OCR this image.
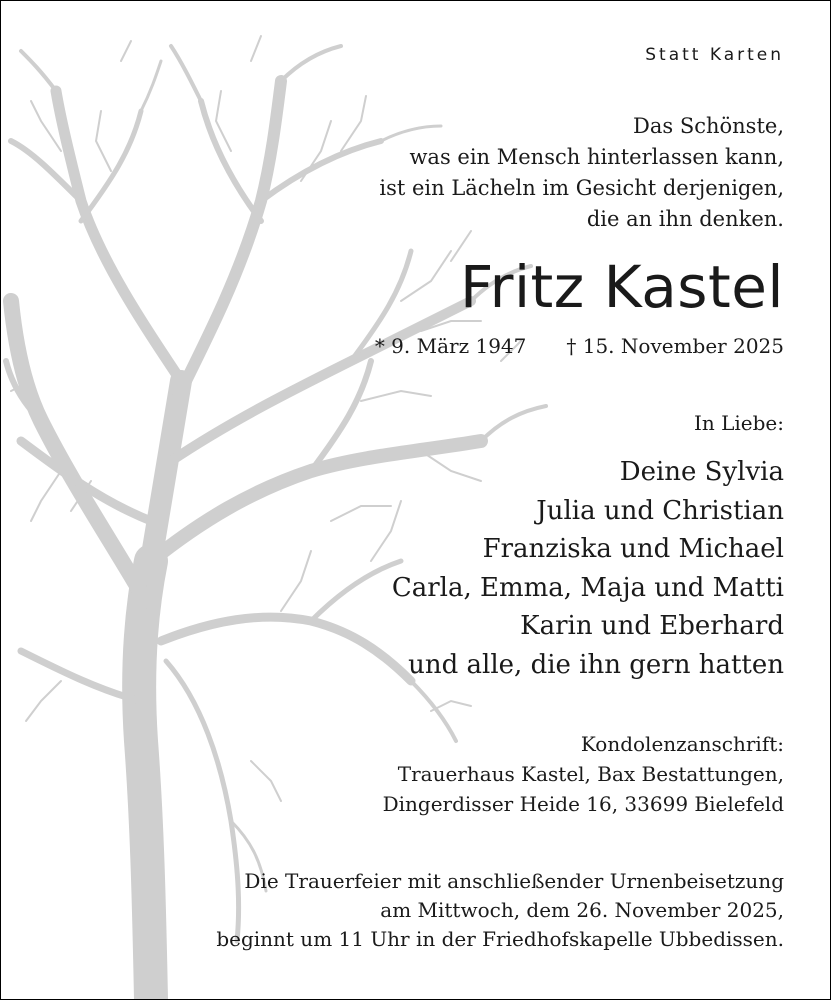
Statt Karten
Das Schönste,
was ein Mensch hinterlassen kann,
ist ein Lächeln im Gesicht derjenigen,
die an ihn denken.
Fritz Kastel
* 9. März 1947 † 15. November 2025
In Liebe:
Deine Sylvia
Julia und Christian
Franziska und Michael
Carla, Emma, Maja und Matti
Karin und Eberhard
und alle, die ihn gern hatten
Kondolenzanschrift:
Trauerhaus Kastel, Bax Bestattungen,
Dingerdisser Heide 16, 33699 Bielefeld
Die Trauerfeier mit anschließender Urnenbeisetzung
am Mittwoch, dem 26. November 2025,
beginnt um 11 Uhr in der Friedhofskapelle Ubbedissen.
